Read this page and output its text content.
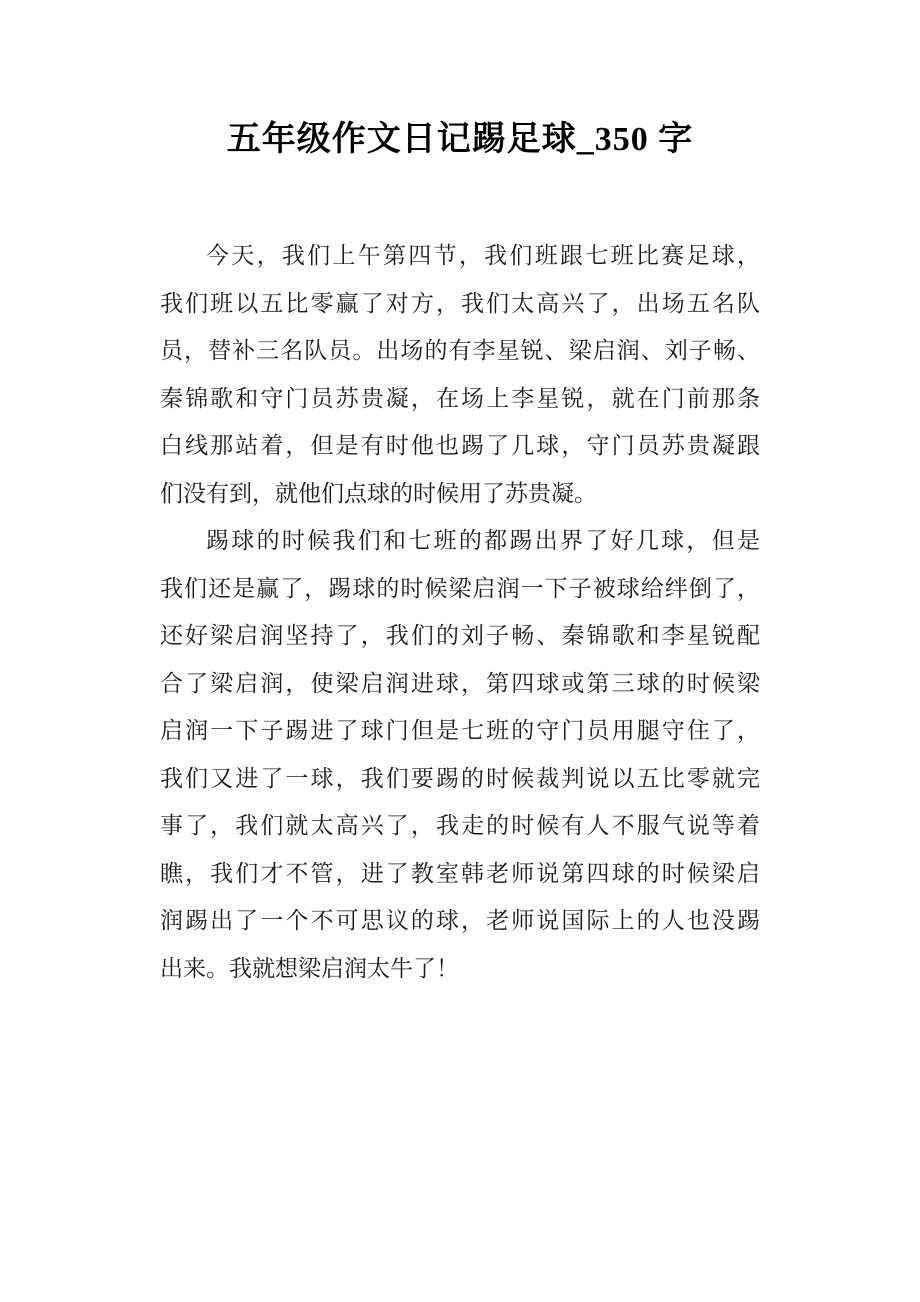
五年级作文日记踢足球_350 字
今天，我们上午第四节，我们班跟七班比赛足球，
我们班以五比零赢了对方，我们太高兴了，出场五名队
员，替补三名队员。出场的有李星锐、梁启润、刘子畅、
秦锦歌和守门员苏贵凝，在场上李星锐，就在门前那条
白线那站着，但是有时他也踢了几球，守门员苏贵凝跟
们没有到，就他们点球的时候用了苏贵凝。
踢球的时候我们和七班的都踢出界了好几球，但是
我们还是赢了，踢球的时候梁启润一下子被球给绊倒了，
还好梁启润坚持了，我们的刘子畅、秦锦歌和李星锐配
合了梁启润，使梁启润进球，第四球或第三球的时候梁
启润一下子踢进了球门但是七班的守门员用腿守住了，
我们又进了一球，我们要踢的时候裁判说以五比零就完
事了，我们就太高兴了，我走的时候有人不服气说等着
瞧，我们才不管，进了教室韩老师说第四球的时候梁启
润踢出了一个不可思议的球，老师说国际上的人也没踢
出来。我就想梁启润太牛了！
